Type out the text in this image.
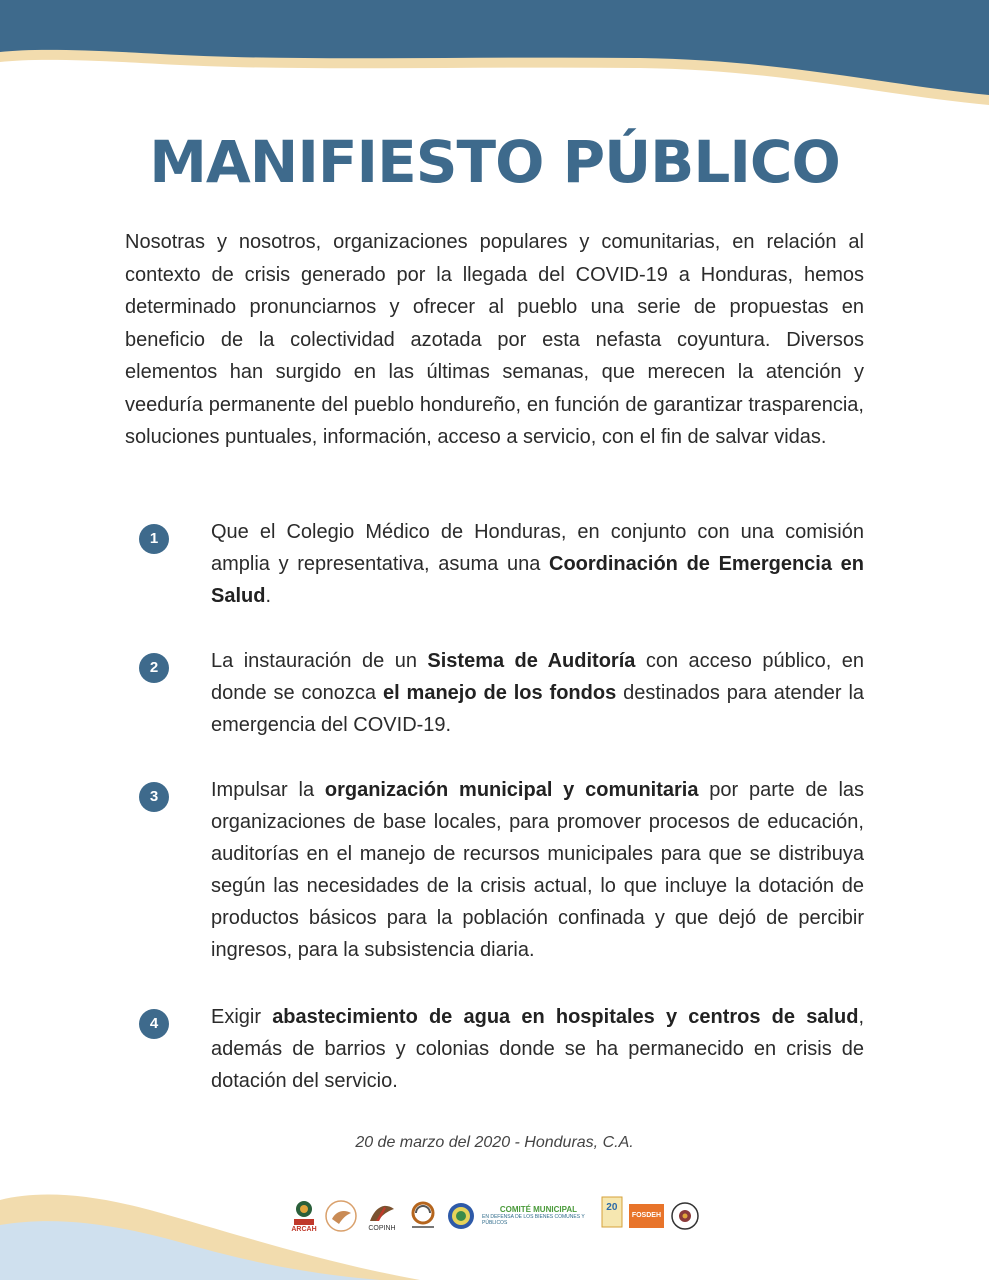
MANIFIESTO PÚBLICO

Nosotras y nosotros, organizaciones populares y comunitarias, en relación al contexto de crisis generado por la llegada del COVID-19 a Honduras, hemos determinado pronunciarnos y ofrecer al pueblo una serie de propuestas en beneficio de la colectividad azotada por esta nefasta coyuntura. Diversos elementos han surgido en las últimas semanas, que merecen la atención y veeduría permanente del pueblo hondureño, en función de garantizar trasparencia, soluciones puntuales, información, acceso a servicio, con el fin de salvar vidas.

1	Que el Colegio Médico de Honduras, en conjunto con una comisión amplia y representativa, asuma una Coordinación de Emergencia en Salud.
2	La instauración de un Sistema de Auditoría con acceso público, en donde se conozca el manejo de los fondos destinados para atender la emergencia del COVID-19.
3	Impulsar la organización municipal y comunitaria por parte de las organizaciones de base locales, para promover procesos de educación, auditorías en el manejo de recursos municipales para que se distribuya según las necesidades de la crisis actual, lo que incluye la dotación de productos básicos para la población confinada y que dejó de percibir ingresos, para la subsistencia diaria.
4	Exigir abastecimiento de agua en hospitales y centros de salud, además de barrios y colonias donde se ha permanecido en crisis de dotación del servicio.
20 de marzo del 2020 - Honduras, C.A.
ARCAH	COPINH
COMITÉ MUNICIPAL
EN DEFENSA DE LOS BIENES COMUNES Y PÚBLICOS
20
FOSDEH
